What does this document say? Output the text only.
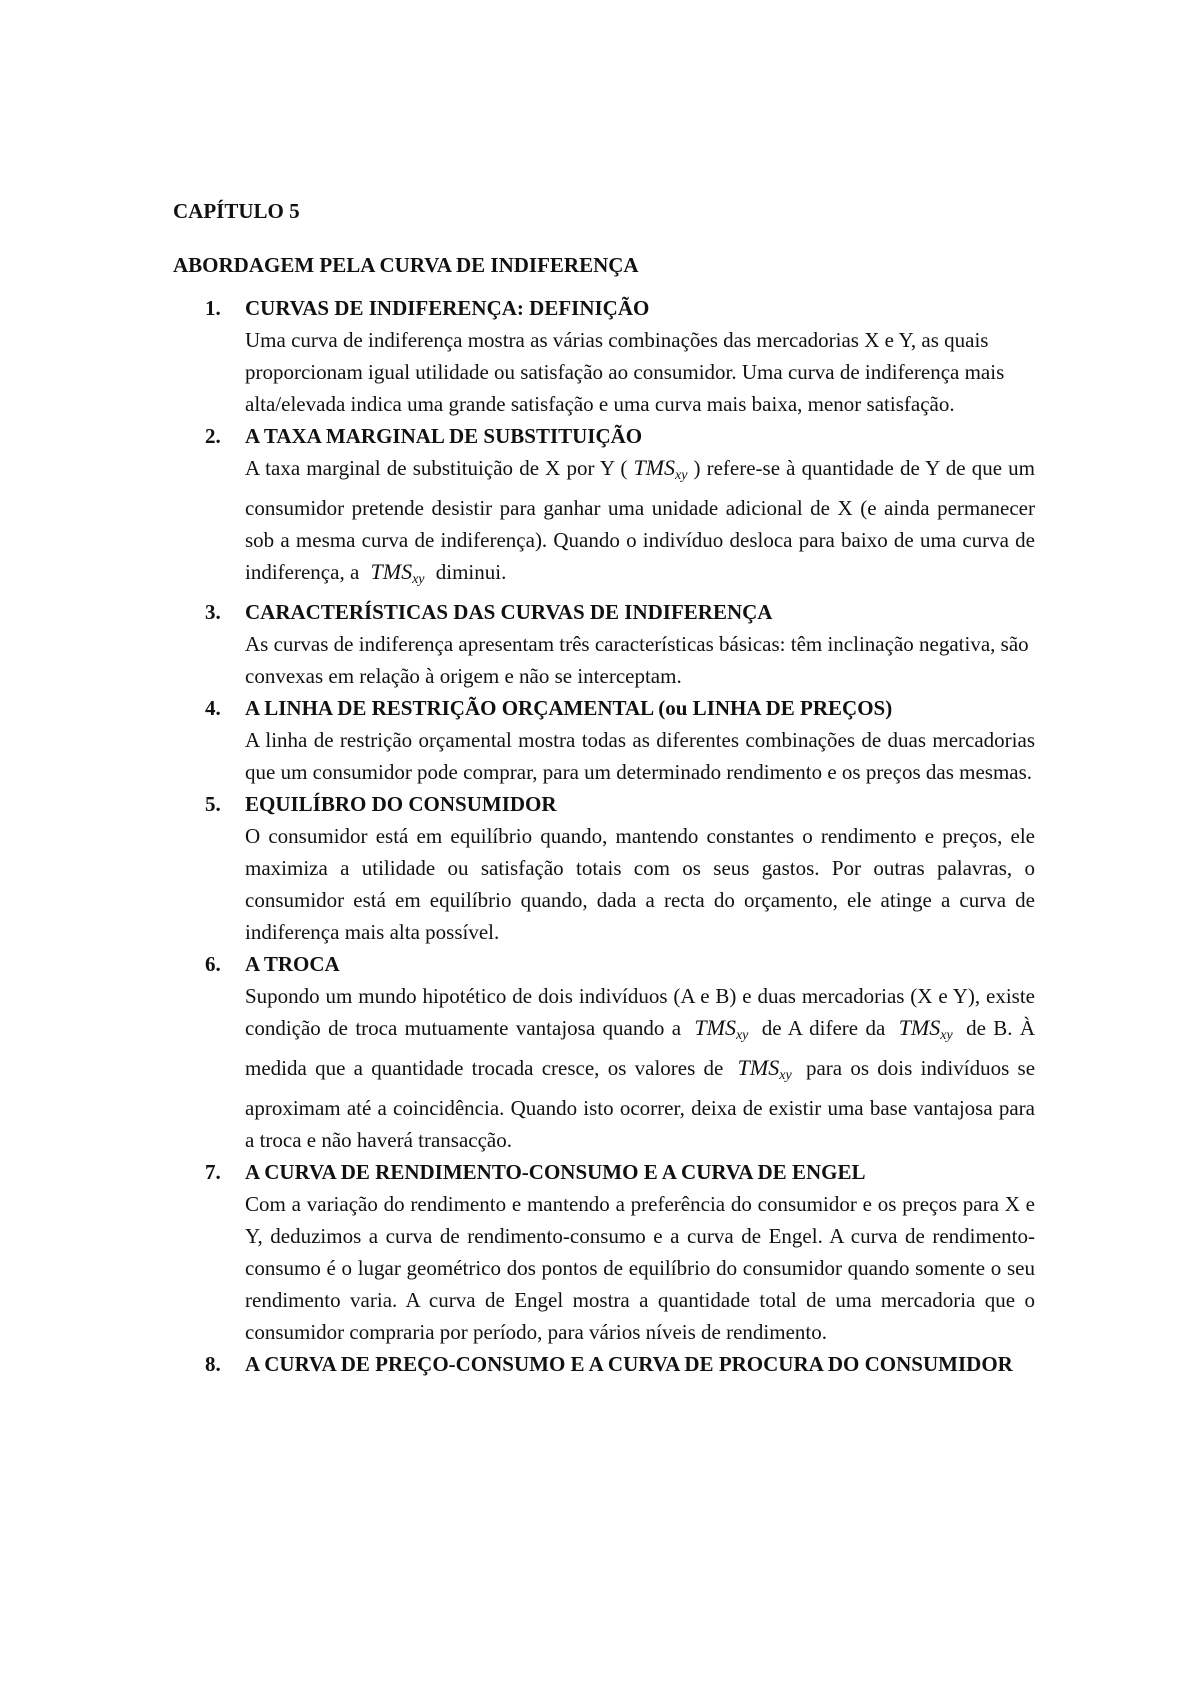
CAPÍTULO 5
ABORDAGEM PELA CURVA DE INDIFERENÇA
1. CURVAS DE INDIFERENÇA: DEFINIÇÃO

Uma curva de indiferença mostra as várias combinações das mercadorias X e Y, as quais proporcionam igual utilidade ou satisfação ao consumidor. Uma curva de indiferença mais alta/elevada indica uma grande satisfação e uma curva mais baixa, menor satisfação.

2. A TAXA MARGINAL DE SUBSTITUIÇÃO

A taxa marginal de substituição de X por Y ( $TMS_{xy}$ ) refere-se à quantidade de Y de que um consumidor pretende desistir para ganhar uma unidade adicional de X (e ainda permanecer sob a mesma curva de indiferença). Quando o indivíduo desloca para baixo de uma curva de indiferença, a $TMS_{xy}$ diminui.

3. CARACTERÍSTICAS DAS CURVAS DE INDIFERENÇA

As curvas de indiferença apresentam três características básicas: têm inclinação negativa, são convexas em relação à origem e não se interceptam.

4. A LINHA DE RESTRIÇÃO ORÇAMENTAL (ou LINHA DE PREÇOS)

A linha de restrição orçamental mostra todas as diferentes combinações de duas mercadorias que um consumidor pode comprar, para um determinado rendimento e os preços das mesmas.

5. EQUILÍBRO DO CONSUMIDOR

O consumidor está em equilíbrio quando, mantendo constantes o rendimento e preços, ele maximiza a utilidade ou satisfação totais com os seus gastos. Por outras palavras, o consumidor está em equilíbrio quando, dada a recta do orçamento, ele atinge a curva de indiferença mais alta possível.

6. A TROCA

Supondo um mundo hipotético de dois indivíduos (A e B) e duas mercadorias (X e Y), existe condição de troca mutuamente vantajosa quando a $TMS_{xy}$ de A difere da $TMS_{xy}$ de B. À medida que a quantidade trocada cresce, os valores de $TMS_{xy}$ para os dois indivíduos se aproximam até a coincidência. Quando isto ocorrer, deixa de existir uma base vantajosa para a troca e não haverá transacção.

7. A CURVA DE RENDIMENTO-CONSUMO E A CURVA DE ENGEL

Com a variação do rendimento e mantendo a preferência do consumidor e os preços para X e Y, deduzimos a curva de rendimento-consumo e a curva de Engel. A curva de rendimento-consumo é o lugar geométrico dos pontos de equilíbrio do consumidor quando somente o seu rendimento varia. A curva de Engel mostra a quantidade total de uma mercadoria que o consumidor compraria por período, para vários níveis de rendimento.

8. A CURVA DE PREÇO-CONSUMO E A CURVA DE PROCURA DO CONSUMIDOR
